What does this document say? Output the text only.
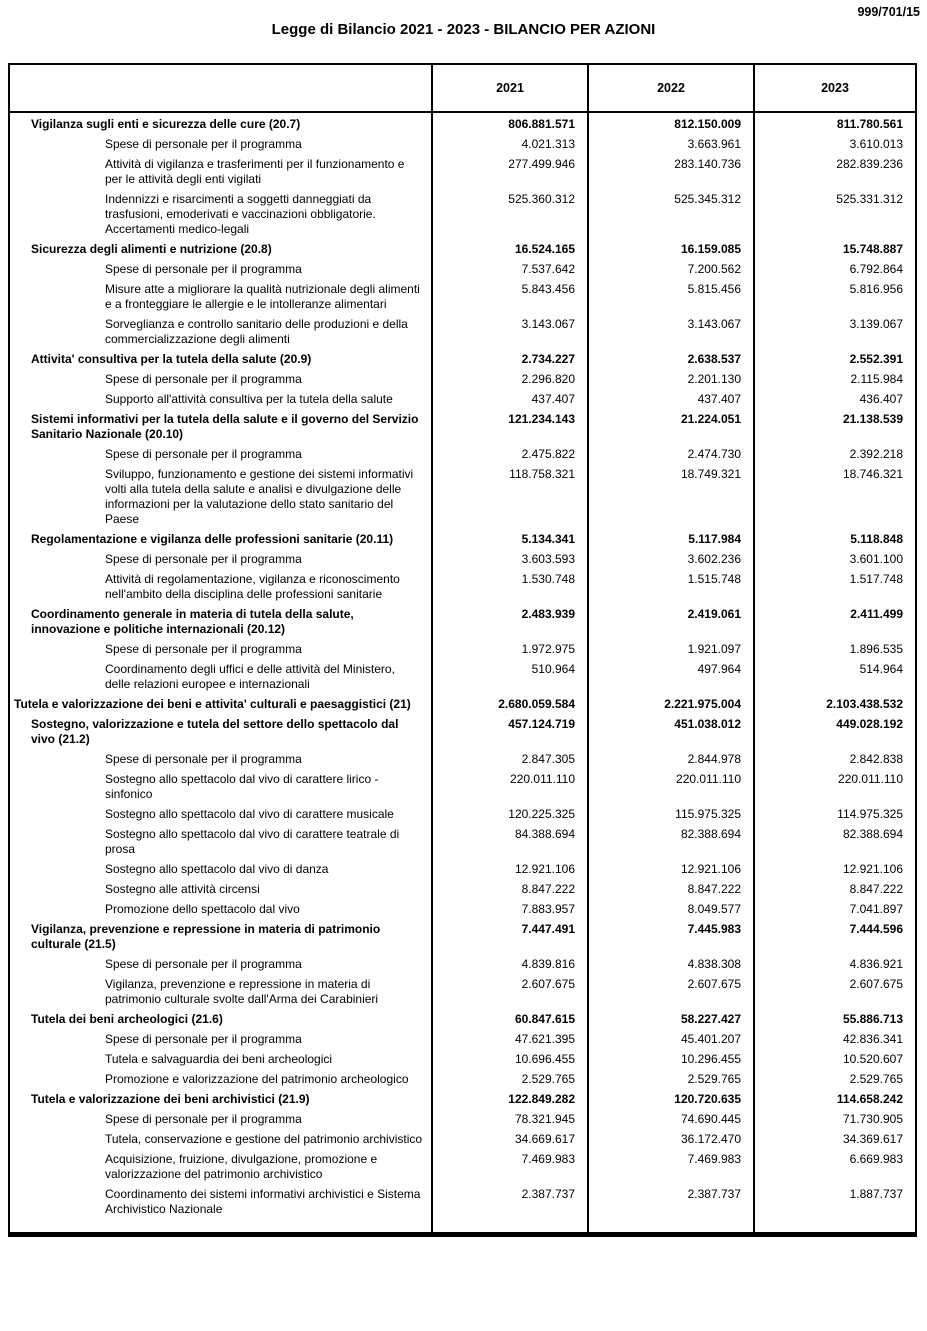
999/701/15
Legge di Bilancio 2021 - 2023 - BILANCIO PER AZIONI
2021	2022	2023
Vigilanza sugli enti e sicurezza delle cure (20.7)	806.881.571	812.150.009	811.780.561
Spese di personale per il programma	4.021.313	3.663.961	3.610.013
Attività di vigilanza e trasferimenti per il funzionamento e per le attività degli enti vigilati
277.499.946	283.140.736	282.839.236
Indennizzi e risarcimenti a soggetti danneggiati da trasfusioni, emoderivati e vaccinazioni obbligatorie. Accertamenti medico-legali
525.360.312	525.345.312	525.331.312
Sicurezza degli alimenti e nutrizione (20.8)	16.524.165	16.159.085	15.748.887
Spese di personale per il programma	7.537.642	7.200.562	6.792.864
Misure atte a migliorare la qualità nutrizionale degli alimenti e a fronteggiare le allergie e le intolleranze alimentari
5.843.456	5.815.456	5.816.956
Sorveglianza e controllo sanitario delle produzioni e della commercializzazione degli alimenti
3.143.067	3.143.067	3.139.067
Attivita' consultiva per la tutela della salute (20.9)	2.734.227	2.638.537	2.552.391
Spese di personale per il programma	2.296.820	2.201.130	2.115.984
Supporto all'attività consultiva per la tutela della salute	437.407	437.407	436.407
Sistemi informativi per la tutela della salute e il governo del Servizio Sanitario Nazionale (20.10)
121.234.143	21.224.051	21.138.539
Spese di personale per il programma	2.475.822	2.474.730	2.392.218
Sviluppo, funzionamento e gestione dei sistemi informativi volti alla tutela della salute e analisi e divulgazione delle informazioni per la valutazione dello stato sanitario del Paese
118.758.321	18.749.321	18.746.321
Regolamentazione e vigilanza delle professioni sanitarie (20.11)	5.134.341	5.117.984	5.118.848
Spese di personale per il programma	3.603.593	3.602.236	3.601.100
Attività di regolamentazione, vigilanza e riconoscimento nell'ambito della disciplina delle professioni sanitarie
1.530.748	1.515.748	1.517.748
Coordinamento generale in materia di tutela della salute, innovazione e politiche internazionali (20.12)
2.483.939	2.419.061	2.411.499
Spese di personale per il programma	1.972.975	1.921.097	1.896.535
Coordinamento degli uffici e delle attività del Ministero, delle relazioni europee e internazionali
510.964	497.964	514.964
Tutela e valorizzazione dei beni e attivita' culturali e paesaggistici (21)	2.680.059.584	2.221.975.004	2.103.438.532
Sostegno, valorizzazione e tutela del settore dello spettacolo dal vivo (21.2)
457.124.719	451.038.012	449.028.192
Spese di personale per il programma	2.847.305	2.844.978	2.842.838
Sostegno allo spettacolo dal vivo di carattere lirico - sinfonico
220.011.110	220.011.110	220.011.110
Sostegno allo spettacolo dal vivo di carattere musicale	120.225.325	115.975.325	114.975.325
Sostegno allo spettacolo dal vivo di carattere teatrale di prosa
84.388.694	82.388.694	82.388.694
Sostegno allo spettacolo dal vivo di danza	12.921.106	12.921.106	12.921.106
Sostegno alle attività circensi	8.847.222	8.847.222	8.847.222
Promozione dello spettacolo dal vivo	7.883.957	8.049.577	7.041.897
Vigilanza, prevenzione e repressione in materia di patrimonio culturale (21.5)
7.447.491	7.445.983	7.444.596
Spese di personale per il programma	4.839.816	4.838.308	4.836.921
Vigilanza, prevenzione e repressione in materia di patrimonio culturale svolte dall'Arma dei Carabinieri
2.607.675	2.607.675	2.607.675
Tutela dei beni archeologici (21.6)	60.847.615	58.227.427	55.886.713
Spese di personale per il programma	47.621.395	45.401.207	42.836.341
Tutela e salvaguardia dei beni archeologici	10.696.455	10.296.455	10.520.607
Promozione e valorizzazione del patrimonio archeologico	2.529.765	2.529.765	2.529.765
Tutela e valorizzazione dei beni archivistici (21.9)	122.849.282	120.720.635	114.658.242
Spese di personale per il programma	78.321.945	74.690.445	71.730.905
Tutela, conservazione e gestione del patrimonio archivistico	34.669.617	36.172.470	34.369.617
Acquisizione, fruizione, divulgazione, promozione e valorizzazione del patrimonio archivistico
7.469.983	7.469.983	6.669.983
Coordinamento dei sistemi informativi archivistici e Sistema Archivistico Nazionale
2.387.737	2.387.737	1.887.737
